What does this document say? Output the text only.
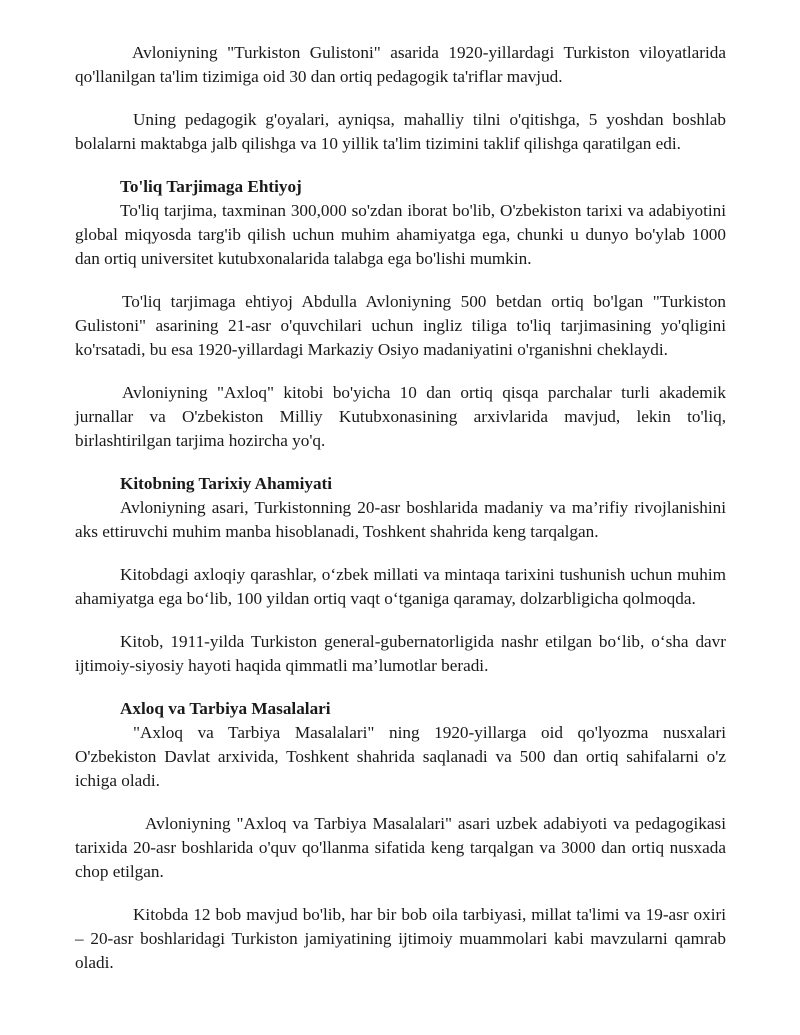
Avloniyning "Turkiston Gulistoni" asarida 1920-yillardagi Turkiston viloyatlarida qo'llanilgan ta'lim tizimiga oid 30 dan ortiq pedagogik ta'riflar mavjud.

Uning pedagogik g'oyalari, ayniqsa, mahalliy tilni o'qitishga, 5 yoshdan boshlab bolalarni maktabga jalb qilishga va 10 yillik ta'lim tizimini taklif qilishga qaratilgan edi.

To'liq Tarjimaga Ehtiyoj

To'liq tarjima, taxminan 300,000 so'zdan iborat bo'lib, O'zbekiston tarixi va adabiyotini global miqyosda targ'ib qilish uchun muhim ahamiyatga ega, chunki u dunyo bo'ylab 1000 dan ortiq universitet kutubxonalarida talabga ega bo'lishi mumkin.

To'liq tarjimaga ehtiyoj Abdulla Avloniyning 500 betdan ortiq bo'lgan "Turkiston Gulistoni" asarining 21-asr o'quvchilari uchun ingliz tiliga to'liq tarjimasining yo'qligini ko'rsatadi, bu esa 1920-yillardagi Markaziy Osiyo madaniyatini o'rganishni cheklaydi.

Avloniyning "Axloq" kitobi bo'yicha 10 dan ortiq qisqa parchalar turli akademik jurnallar va O'zbekiston Milliy Kutubxonasining arxivlarida mavjud, lekin to'liq, birlashtirilgan tarjima hozircha yo'q.

Kitobning Tarixiy Ahamiyati

Avloniyning asari, Turkistonning 20-asr boshlarida madaniy va ma’rifiy rivojlanishini aks ettiruvchi muhim manba hisoblanadi, Toshkent shahrida keng tarqalgan.

Kitobdagi axloqiy qarashlar, o‘zbek millati va mintaqa tarixini tushunish uchun muhim ahamiyatga ega bo‘lib, 100 yildan ortiq vaqt o‘tganiga qaramay, dolzarbligicha qolmoqda.

Kitob, 1911-yilda Turkiston general-gubernatorligida nashr etilgan bo‘lib, o‘sha davr ijtimoiy-siyosiy hayoti haqida qimmatli ma’lumotlar beradi.

Axloq va Tarbiya Masalalari

"Axloq va Tarbiya Masalalari" ning 1920-yillarga oid qo'lyozma nusxalari O'zbekiston Davlat arxivida, Toshkent shahrida saqlanadi va 500 dan ortiq sahifalarni o'z ichiga oladi.

Avloniyning "Axloq va Tarbiya Masalalari" asari uzbek adabiyoti va pedagogikasi tarixida 20-asr boshlarida o'quv qo'llanma sifatida keng tarqalgan va 3000 dan ortiq nusxada chop etilgan.

Kitobda 12 bob mavjud bo'lib, har bir bob oila tarbiyasi, millat ta'limi va 19-asr oxiri – 20-asr boshlaridagi Turkiston jamiyatining ijtimoiy muammolari kabi mavzularni qamrab oladi.
